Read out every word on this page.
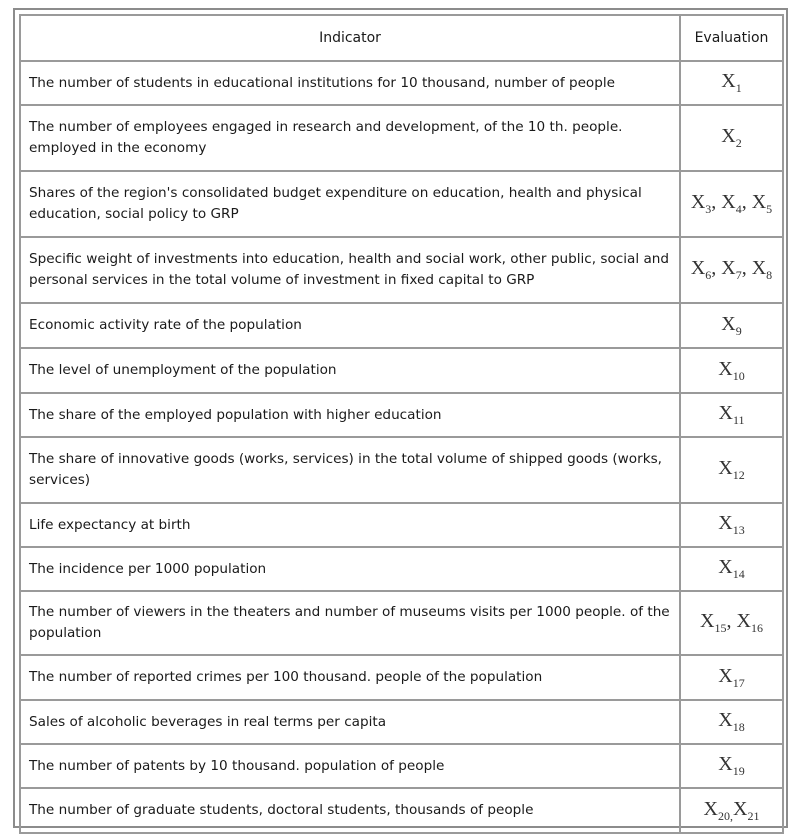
Indicator	Evaluation
The number of students in educational institutions for 10 thousand, number of people	$X_1$
The number of employees engaged in research and development, of the 10 th. people. employed in the economy	$X_2$
Shares of the region's consolidated budget expenditure on education, health and physical education, social policy to GRP	$X_3$, $X_4$, $X_5$
Specific weight of investments into education, health and social work, other public, social and personal services in the total volume of investment in fixed capital to GRP	$X_6$, $X_7$, $X_8$
Economic activity rate of the population	$X_9$
The level of unemployment of the population	$X_{10}$
The share of the employed population with higher education	$X_{11}$
The share of innovative goods (works, services) in the total volume of shipped goods (works, services)	$X_{12}$
Life expectancy at birth	$X_{13}$
The incidence per 1000 population	$X_{14}$
The number of viewers in the theaters and number of museums visits per 1000 people. of the population	$X_{15}$, $X_{16}$
The number of reported crimes per 100 thousand. people of the population	$X_{17}$
Sales of alcoholic beverages in real terms per capita	$X_{18}$
The number of patents by 10 thousand. population of people	$X_{19}$
The number of graduate students, doctoral students, thousands of people	$X_{20,}X_{21}$
